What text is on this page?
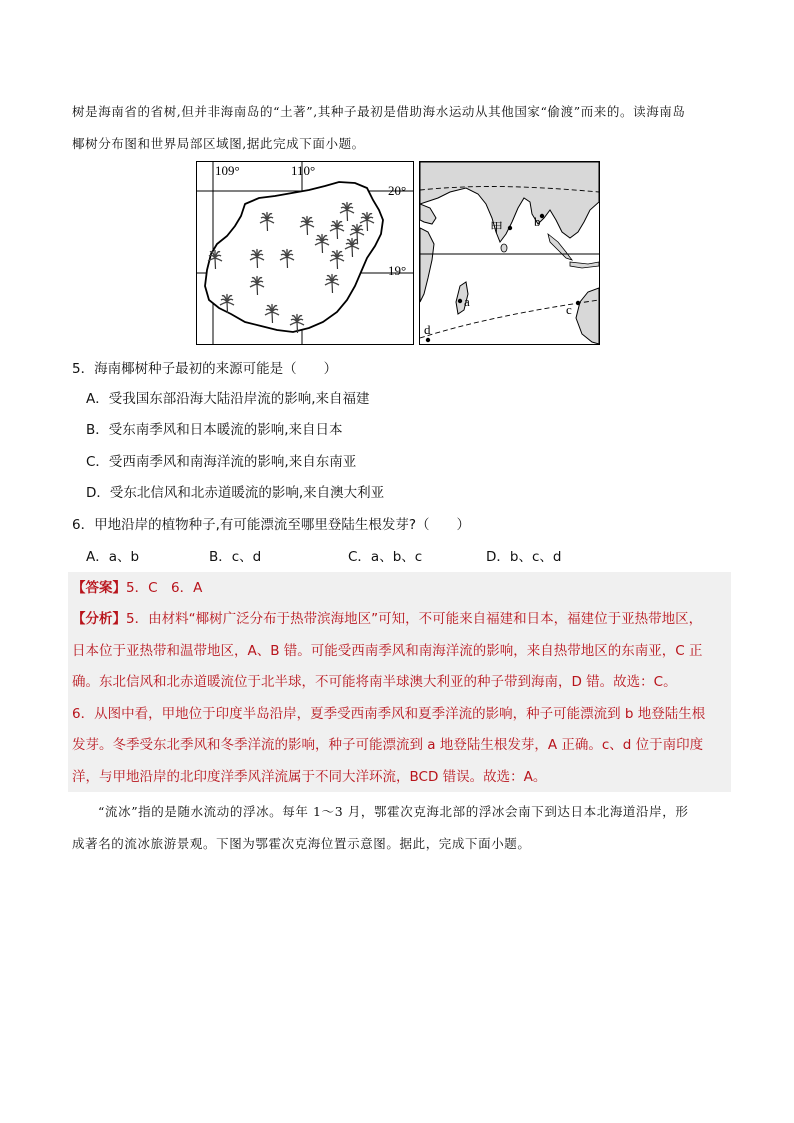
树是海南省的省树,但并非海南岛的“土著”,其种子最初是借助海水运动从其他国家“偷渡”而来的。读海南岛
椰树分布图和世界局部区域图,据此完成下面小题。
109°	110°
20°
19°
甲 b
a
c
d
5．海南椰树种子最初的来源可能是（　　）
A．受我国东部沿海大陆沿岸流的影响,来自福建
B．受东南季风和日本暖流的影响,来自日本
C．受西南季风和南海洋流的影响,来自东南亚
D．受东北信风和北赤道暖流的影响,来自澳大利亚
6．甲地沿岸的植物种子,有可能漂流至哪里登陆生根发芽?（　　）
A．a、b	B．c、d	C．a、b、c	D．b、c、d
【答案】5．C　6．A
【分析】5．由材料“椰树广泛分布于热带滨海地区”可知，不可能来自福建和日本，福建位于亚热带地区，
日本位于亚热带和温带地区，A、B 错。可能受西南季风和南海洋流的影响，来自热带地区的东南亚，C 正
确。东北信风和北赤道暖流位于北半球，不可能将南半球澳大利亚的种子带到海南，D 错。故选：C。
6．从图中看，甲地位于印度半岛沿岸，夏季受西南季风和夏季洋流的影响，种子可能漂流到 b 地登陆生根
发芽。冬季受东北季风和冬季洋流的影响，种子可能漂流到 a 地登陆生根发芽，A 正确。c、d 位于南印度
洋，与甲地沿岸的北印度洋季风洋流属于不同大洋环流，BCD 错误。故选：A。
“流冰”指的是随水流动的浮冰。每年 1～3 月，鄂霍次克海北部的浮冰会南下到达日本北海道沿岸，形
成著名的流冰旅游景观。下图为鄂霍次克海位置示意图。据此，完成下面小题。
